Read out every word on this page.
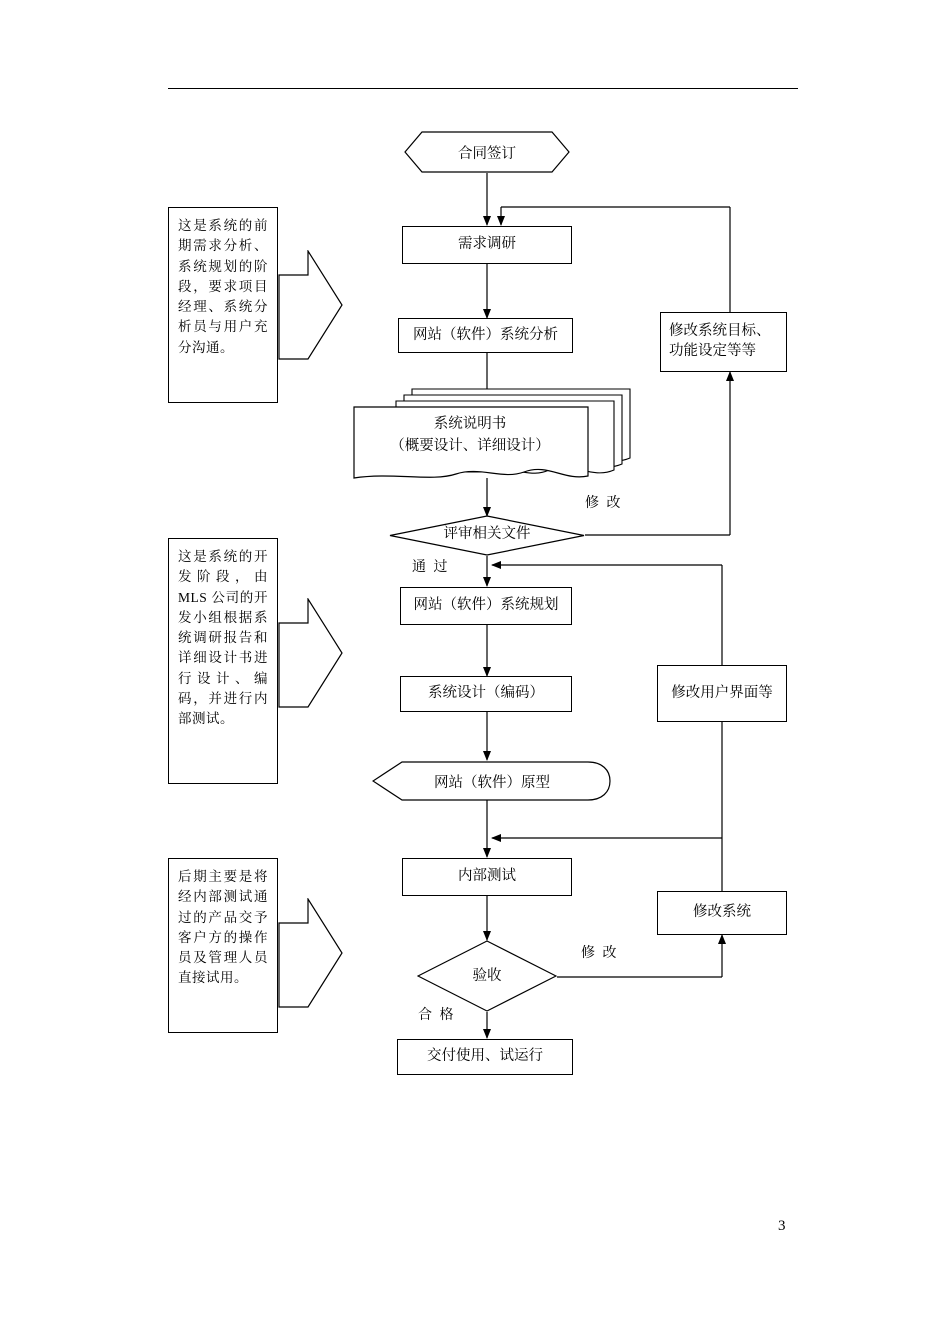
3
合同签订
需求调研
网站（软件）系统分析	修改系统目标、
功能设定等等
系统说明书
（概要设计、详细设计）
修 改
评审相关文件
通 过
网站（软件）系统规划
系统设计（编码）	修改用户界面等
网站（软件）原型
内部测试
修改系统
修 改
验收
合 格
交付使用、试运行
这是系统的前期需求分析、系统规划的阶段，要求项目经理、系统分析员与用户充分沟通。
这是系统的开发阶段，由 MLS 公司的开发小组根据系统调研报告和详细设计书进行设计、编码，并进行内部测试。
后期主要是将经内部测试通过的产品交予客户方的操作员及管理人员直接试用。
